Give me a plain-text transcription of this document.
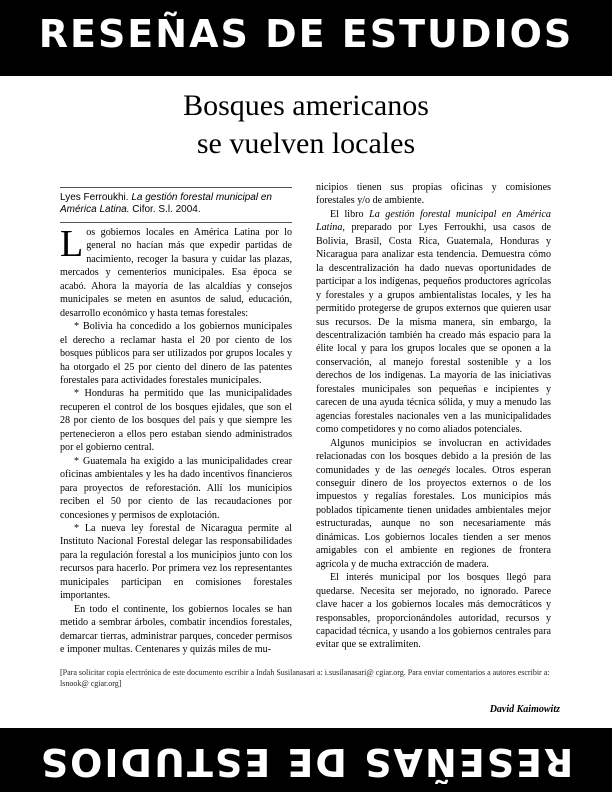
RESEÑAS DE ESTUDIOS
Bosques americanos
se vuelven locales
Lyes Ferroukhi. La gestión forestal municipal en América Latina. Cifor. S.l. 2004.

Los gobiernos locales en América Latina por lo general no hacían más que expedir partidas de nacimiento, recoger la basura y cuidar las plazas, mercados y cementerios municipales. Esa época se acabó. Ahora la mayoría de las alcaldías y consejos municipales se meten en asuntos de salud, educación, desarrollo económico y hasta temas forestales:

* Bolivia ha concedido a los gobiernos municipales el derecho a reclamar hasta el 20 por ciento de los bosques públicos para ser utilizados por grupos locales y ha otorgado el 25 por ciento del dinero de las patentes forestales para actividades forestales municipales.

* Honduras ha permitido que las municipalidades recuperen el control de los bosques ejidales, que son el 28 por ciento de los bosques del país y que siempre les pertenecieron a ellos pero estaban siendo administrados por el gobierno central.

* Guatemala ha exigido a las municipalidades crear oficinas ambientales y les ha dado incentivos financieros para proyectos de reforestación. Allí los municipios reciben el 50 por ciento de las recaudaciones por concesiones y permisos de explotación.

* La nueva ley forestal de Nicaragua permite al Instituto Nacional Forestal delegar las responsabilidades para la regulación forestal a los municipios junto con los recursos para hacerlo. Por primera vez los representantes municipales participan en comisiones forestales importantes.

En todo el continente, los gobiernos locales se han metido a sembrar árboles, combatir incendios forestales, demarcar tierras, administrar parques, conceder permisos e imponer multas. Centenares y quizás miles de mu-

nicipios tienen sus propias oficinas y comisiones forestales y/o de ambiente.

El libro La gestión forestal municipal en América Latina, preparado por Lyes Ferroukhi, usa casos de Bolivia, Brasil, Costa Rica, Guatemala, Honduras y Nicaragua para analizar esta tendencia. Demuestra cómo la descentralización ha dado nuevas oportunidades de participar a los indígenas, pequeños productores agrícolas y forestales y a grupos ambientalistas locales, y les ha permitido protegerse de grupos externos que quieren usar sus recursos. De la misma manera, sin embargo, la descentralización también ha creado más espacio para la élite local y para los grupos locales que se oponen a la conservación, al manejo forestal sostenible y a los derechos de los indígenas. La mayoría de las iniciativas forestales municipales son pequeñas e incipientes y carecen de una ayuda técnica sólida, y muy a menudo las agencias forestales nacionales ven a las municipalidades como competidores y no como aliados potenciales.

Algunos municipios se involucran en actividades relacionadas con los bosques debido a la presión de las comunidades y de las oenegés locales. Otros esperan conseguir dinero de los proyectos externos o de los impuestos y regalías forestales. Los municipios más poblados típicamente tienen unidades ambientales mejor estructuradas, aunque no son necesariamente más dinámicas. Los gobiernos locales tienden a ser menos amigables con el ambiente en regiones de frontera agrícola y de mucha extracción de madera.

El interés municipal por los bosques llegó para quedarse. Necesita ser mejorado, no ignorado. Parece clave hacer a los gobiernos locales más democráticos y responsables, proporcionándoles autoridad, recursos y capacidad técnica, y usando a los gobiernos centrales para evitar que se extralimiten.

[Para solicitar copia electrónica de este documento escribir a Indah Susilanasari a: i.susilanasari@ cgiar.org. Para enviar comentarios a autores escribir a: lsnook@ cgiar.org]
David Kaimowitz
RESEÑAS DE ESTUDIOS
